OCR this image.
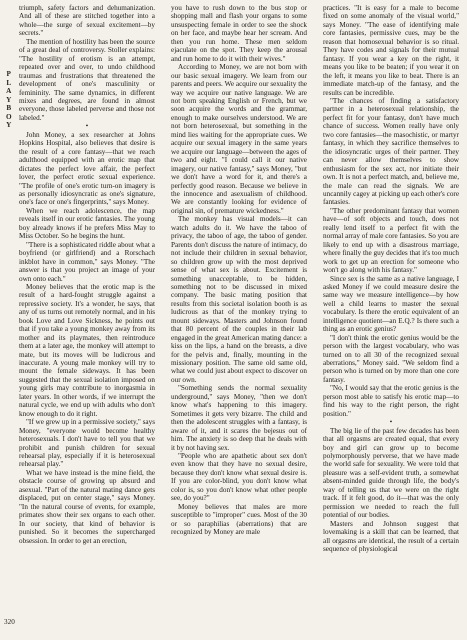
P
L
A
Y
B
O
Y

triumph, safety factors and dehumanization. And all of these are stitched together into a whole—the surge of sexual excitement—by secrets."

The mention of hostility has been the source of a great deal of controversy. Stoller explains: "The hostility of erotism is an attempt, repeated over and over, to undo childhood traumas and frustrations that threatened the development of one's masculinity or femininity. The same dynamics, in different mixes and degrees, are found in almost everyone, those labeled perverse and those not labeled."

•

John Money, a sex researcher at Johns Hopkins Hospital, also believes that desire is the result of a core fantasy—that we reach adulthood equipped with an erotic map that dictates the perfect love affair, the perfect lover, the perfect erotic sexual experience. "The profile of one's erotic turn-on imagery is as personally idiosyncratic as one's signature, one's face or one's fingerprints," says Money.

When we reach adolescence, the map reveals itself in our erotic fantasies. The young boy already knows if he prefers Miss May to Miss October. So he begins the hunt.

"There is a sophisticated riddle about what a boyfriend (or girlfriend) and a Rorschach inkblot have in common," says Money. "The answer is that you project an image of your own onto each."

Money believes that the erotic map is the result of a hard-fought struggle against a repressive society. It's a wonder, he says, that any of us turns out remotely normal, and in his book Love and Love Sickness, he points out that if you take a young monkey away from its mother and its playmates, then reintroduce them at a later age, the monkey will attempt to mate, but its moves will be ludicrous and inaccurate. A young male monkey will try to mount the female sideways. It has been suggested that the sexual isolation imposed on young girls may contribute to inorgasmia in later years. In other words, if we interrupt the natural cycle, we end up with adults who don't know enough to do it right.

"If we grew up in a permissive society," says Money, "everyone would become healthy heterosexuals. I don't have to tell you that we prohibit and punish children for sexual rehearsal play, especially if it is heterosexual rehearsal play."

What we have instead is the mine field, the obstacle course of growing up absurd and asexual. "Part of the natural mating dance gets displaced, put on center stage," says Money. "In the natural course of events, for example, primates show their sex organs to each other. In our society, that kind of behavior is punished. So it becomes the supercharged obsession. In order to get an erection,

you have to rush down to the bus stop or shopping mall and flash your organs to some unsuspecting female in order to see the shock on her face, and maybe hear her scream. And then you run home. These men seldom ejaculate on the spot. They keep the arousal and run home to do it with their wives."

According to Money, we are not born with our basic sexual imagery. We learn from our parents and peers. We acquire our sexuality the way we acquire our native language. We are not born speaking English or French, but we soon acquire the words and the grammar, enough to make ourselves understood. We are not born heterosexual, but something in the mind lies waiting for the appropriate cues. We acquire our sexual imagery in the same years we acquire our language—between the ages of two and eight. "I could call it our native imagery, our native fantasy," says Money, "but we don't have a word for it, and there's a perfectly good reason. Because we believe in the innocence and asexualism of childhood. We are constantly looking for evidence of original sin, of premature wickedness."

The monkey has visual models—it can watch adults do it. We have the taboo of privacy, the taboo of age, the taboo of gender. Parents don't discuss the nature of intimacy, do not include their children in sexual behavior, so children grow up with the most deprived sense of what sex is about. Excitement is something unacceptable, to be hidden, something not to be discussed in mixed company. The basic mating position that results from this societal isolation booth is as ludicrous as that of the monkey trying to mount sideways. Masters and Johnson found that 80 percent of the couples in their lab engaged in the great American mating dance: a kiss on the lips, a hand on the breasts, a dive for the pelvis and, finally, mounting in the missionary position. The same old same old, what we could just about expect to discover on our own.

"Something sends the normal sexuality underground," says Money, "then we don't know what's happening to this imagery. Sometimes it gets very bizarre. The child and then the adolescent struggles with a fantasy, is aware of it, and it scares the bejesus out of him. The anxiety is so deep that he deals with it by not having sex.

"People who are apathetic about sex don't even know that they have no sexual desire, because they don't know what sexual desire is. If you are color-blind, you don't know what color is, so you don't know what other people see, do you?"

Money believes that males are more susceptible to "improper" cues. Most of the 30 or so paraphilias (aberrations) that are recognized by Money are male

practices. "It is easy for a male to become fixed on some anomaly of the visual world," says Money. "The ease of identifying male core fantasies, permissive cues, may be the reason that homosexual behavior is so ritual. They have codes and signals for their mutual fantasy. If you wear a key on the right, it means you like to be beaten; if you wear it on the left, it means you like to beat. There is an immediate match-up of the fantasy, and the results can be incredible.

"The chances of finding a satisfactory partner in a heterosexual relationship, the perfect fit for your fantasy, don't have much chance of success. Women really have only two core fantasies—the masochistic, or martyr fantasy, in which they sacrifice themselves to the idiosyncratic urges of their partner. They can never allow themselves to show enthusiasm for the sex act, nor initiate their own. It is not a perfect match, and, believe me, the male can read the signals. We are uncannily cagey at picking up each other's core fantasies.

"The other predominant fantasy that women have—of soft objects and touch, does not really lend itself to a perfect fit with the normal array of male core fantasies. So you are likely to end up with a disastrous marriage, where finally the guy decides that it's too much work to get up an erection for someone who won't go along with his fantasy."

Since sex is the same as a native language, I asked Money if we could measure desire the same way we measure intelligence—by how well a child learns to master the sexual vocabulary. Is there the erotic equivalent of an intelligence quotient—an E.Q.? Is there such a thing as an erotic genius?

"I don't think the erotic genius would be the person with the largest vocabulary, who was turned on to all 30 of the recognized sexual aberrations," Money said. "We seldom find a person who is turned on by more than one core fantasy.

"No, I would say that the erotic genius is the person most able to satisfy his erotic map—to find his way to the right person, the right position."

•

The big lie of the past few decades has been that all orgasms are created equal, that every boy and girl can grow up to become polymorphously perverse, that we have made the world safe for sexuality. We were told that pleasure was a self-evident truth, a somewhat absent-minded guide through life, the body's way of telling us that we were on the right track. If it felt good, do it—that was the only permission we needed to reach the full potential of our bodies.

Masters and Johnson suggest that lovemaking is a skill that can be learned, that all orgasms are identical, the result of a certain sequence of physiological

320
